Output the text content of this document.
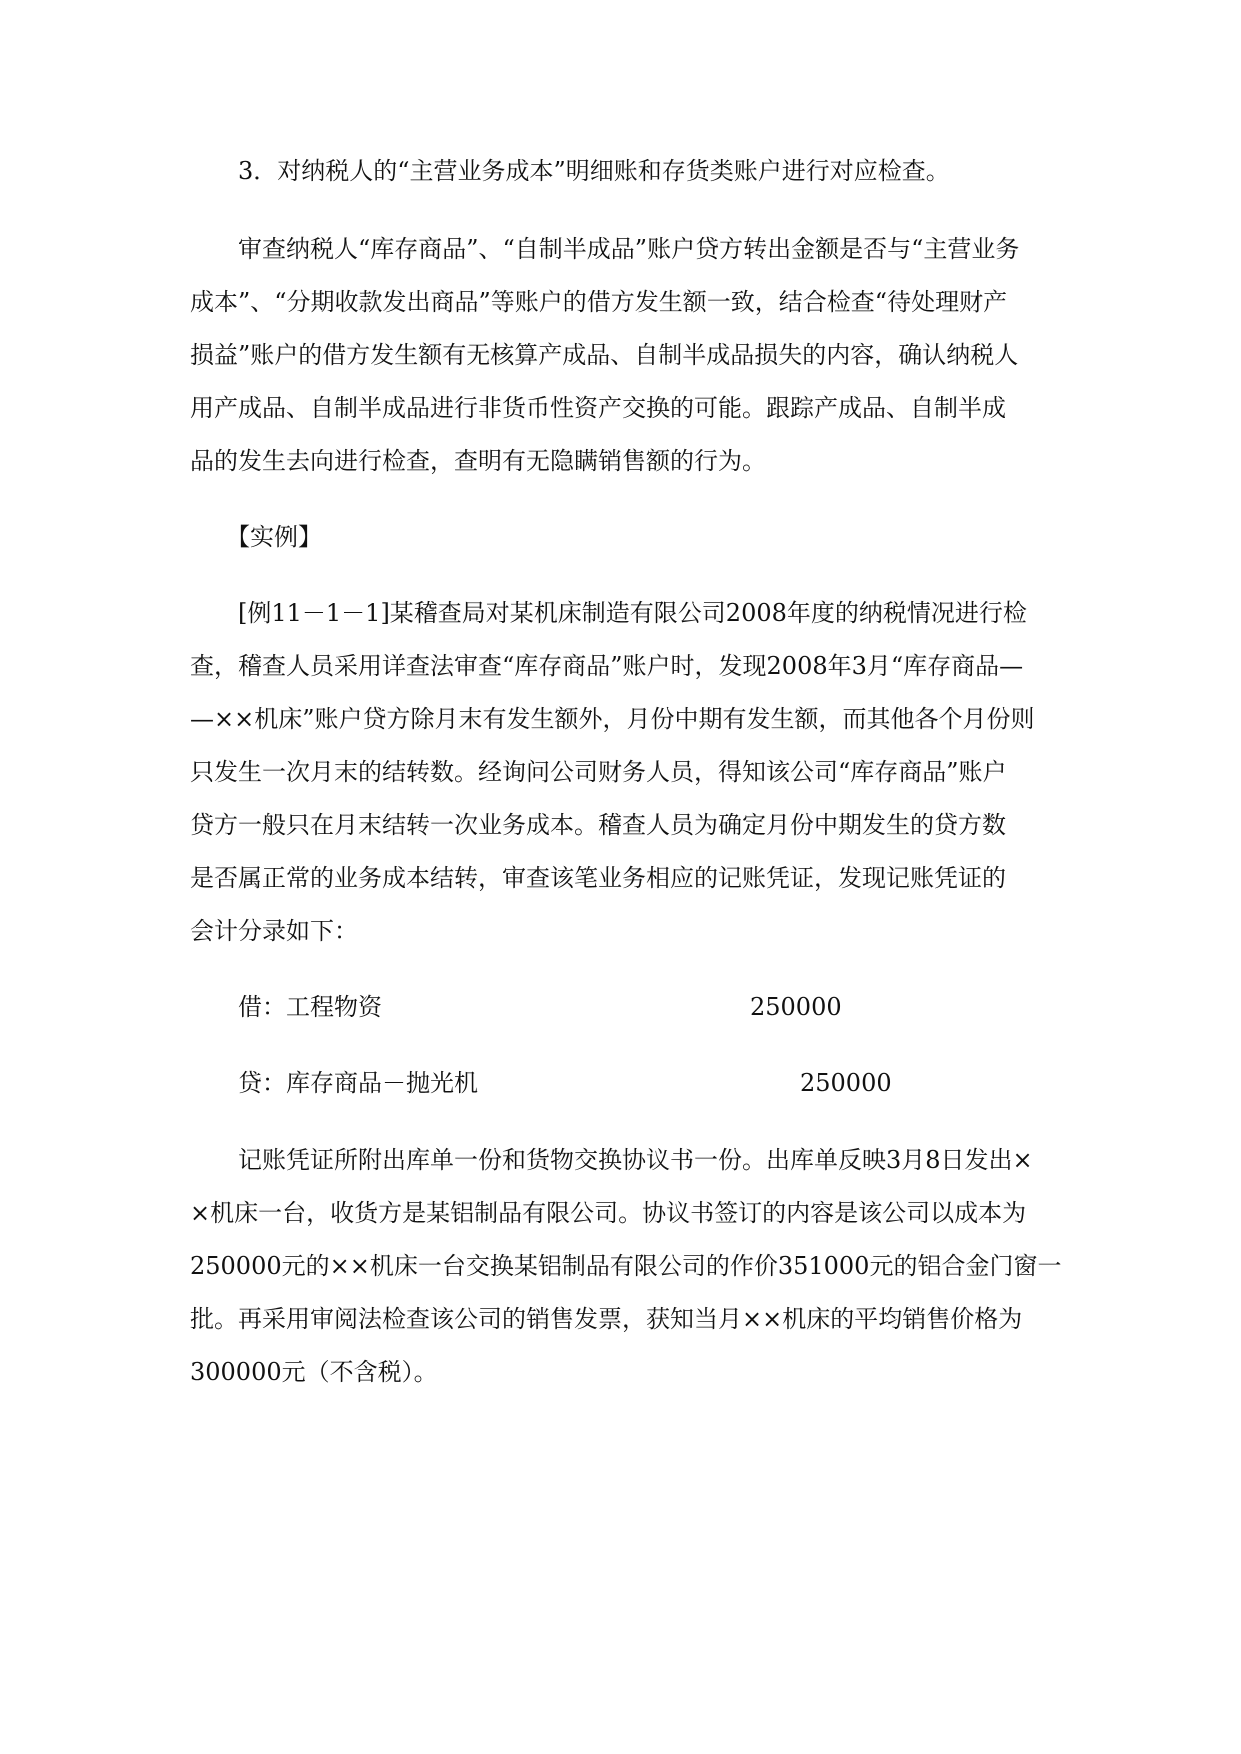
3．对纳税人的“主营业务成本”明细账和存货类账户进行对应检查。
审查纳税人“库存商品”、“自制半成品”账户贷方转出金额是否与“主营业务
成本”、“分期收款发出商品”等账户的借方发生额一致，结合检查“待处理财产
损益”账户的借方发生额有无核算产成品、自制半成品损失的内容，确认纳税人
用产成品、自制半成品进行非货币性资产交换的可能。跟踪产成品、自制半成
品的发生去向进行检查，查明有无隐瞒销售额的行为。
【实例】
[例11－1－1]某稽查局对某机床制造有限公司2008年度的纳税情况进行检
查，稽查人员采用详查法审查“库存商品”账户时，发现2008年3月“库存商品—
—××机床”账户贷方除月末有发生额外，月份中期有发生额，而其他各个月份则
只发生一次月末的结转数。经询问公司财务人员，得知该公司“库存商品”账户
贷方一般只在月末结转一次业务成本。稽查人员为确定月份中期发生的贷方数
是否属正常的业务成本结转，审查该笔业务相应的记账凭证，发现记账凭证的
会计分录如下：
借：工程物资	250000
贷：库存商品－抛光机	250000
记账凭证所附出库单一份和货物交换协议书一份。出库单反映3月8日发出×
×机床一台，收货方是某铝制品有限公司。协议书签订的内容是该公司以成本为
250000元的××机床一台交换某铝制品有限公司的作价351000元的铝合金门窗一
批。再采用审阅法检查该公司的销售发票，获知当月××机床的平均销售价格为
300000元（不含税）。
